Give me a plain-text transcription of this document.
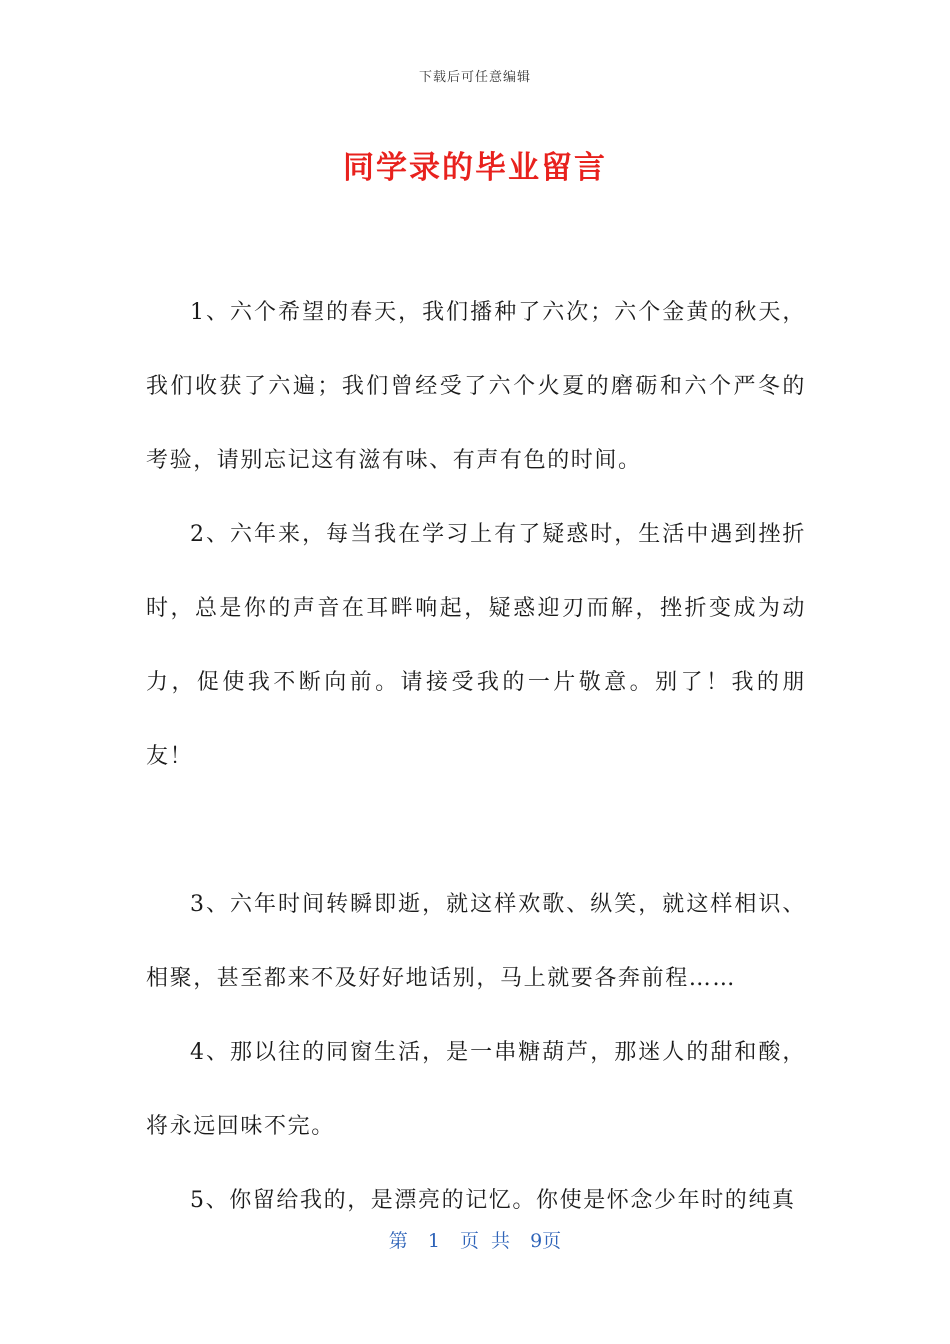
下载后可任意编辑
同学录的毕业留言

1、六个希望的春天，我们播种了六次；六个金黄的秋天，我们收获了六遍；我们曾经受了六个火夏的磨砺和六个严冬的考验，请别忘记这有滋有味、有声有色的时间。

2、六年来，每当我在学习上有了疑惑时，生活中遇到挫折时，总是你的声音在耳畔响起，疑惑迎刃而解，挫折变成为动力，促使我不断向前。请接受我的一片敬意。别了！我的朋友！

3、六年时间转瞬即逝，就这样欢歌、纵笑，就这样相识、相聚，甚至都来不及好好地话别，马上就要各奔前程……

4、那以往的同窗生活，是一串糖葫芦，那迷人的甜和酸，将永远回味不完。

5、你留给我的，是漂亮的记忆。你使是怀念少年时的纯真

第 1 页 共 9页
